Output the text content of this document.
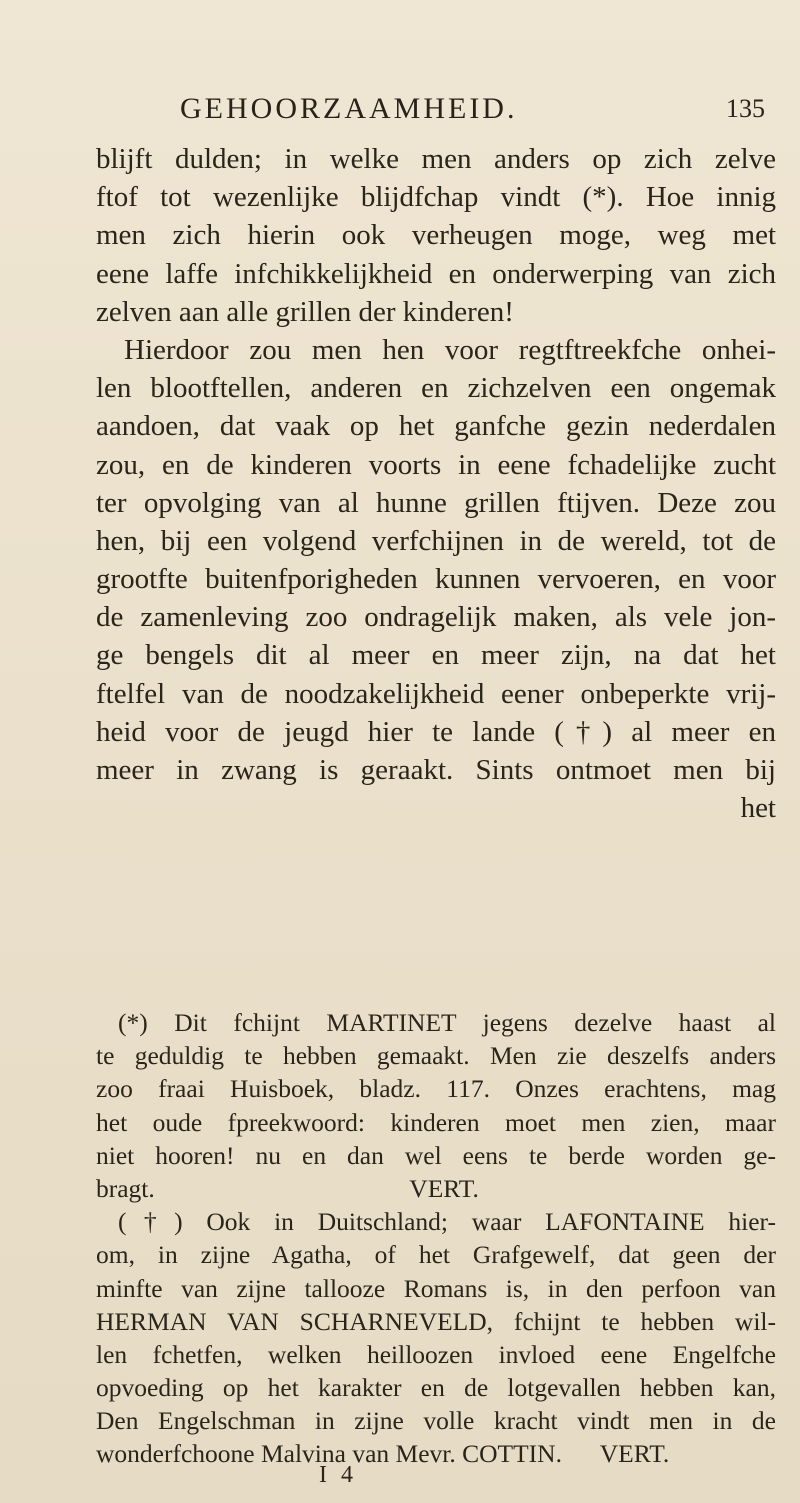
GEHOORZAAMHEID.	135
blijft dulden; in welke men anders op zich zelve
ftof tot wezenlijke blijdfchap vindt (*). Hoe innig
men zich hierin ook verheugen moge, weg met
eene laffe infchikkelijkheid en onderwerping van zich
zelven aan alle grillen der kinderen!
Hierdoor zou men hen voor regtftreekfche onhei-
len blootftellen, anderen en zichzelven een ongemak
aandoen, dat vaak op het ganfche gezin nederdalen
zou, en de kinderen voorts in eene fchadelijke zucht
ter opvolging van al hunne grillen ftijven. Deze zou
hen, bij een volgend verfchijnen in de wereld, tot de
grootfte buitenfporigheden kunnen vervoeren, en voor
de zamenleving zoo ondragelijk maken, als vele jon-
ge bengels dit al meer en meer zijn, na dat het
ftelfel van de noodzakelijkheid eener onbeperkte vrij-
heid voor de jeugd hier te lande (†) al meer en
meer in zwang is geraakt. Sints ontmoet men bij
het
(*) Dit fchijnt MARTINET jegens dezelve haast al
te geduldig te hebben gemaakt. Men zie deszelfs anders
zoo fraai Huisboek, bladz. 117. Onzes erachtens, mag
het oude fpreekwoord: kinderen moet men zien, maar
niet hooren! nu en dan wel eens te berde worden ge-
bragt.                                        VERT.
(†) Ook in Duitschland; waar LAFONTAINE hier-
om, in zijne Agatha, of het Grafgewelf, dat geen der
minfte van zijne tallooze Romans is, in den perfoon van
HERMAN VAN SCHARNEVELD, fchijnt te hebben wil-
len fchetfen, welken heilloozen invloed eene Engelfche
opvoeding op het karakter en de lotgevallen hebben kan,
Den Engelschman in zijne volle kracht vindt men in de
wonderfchoone Malvina van Mevr. COTTIN.      VERT.
I 4
